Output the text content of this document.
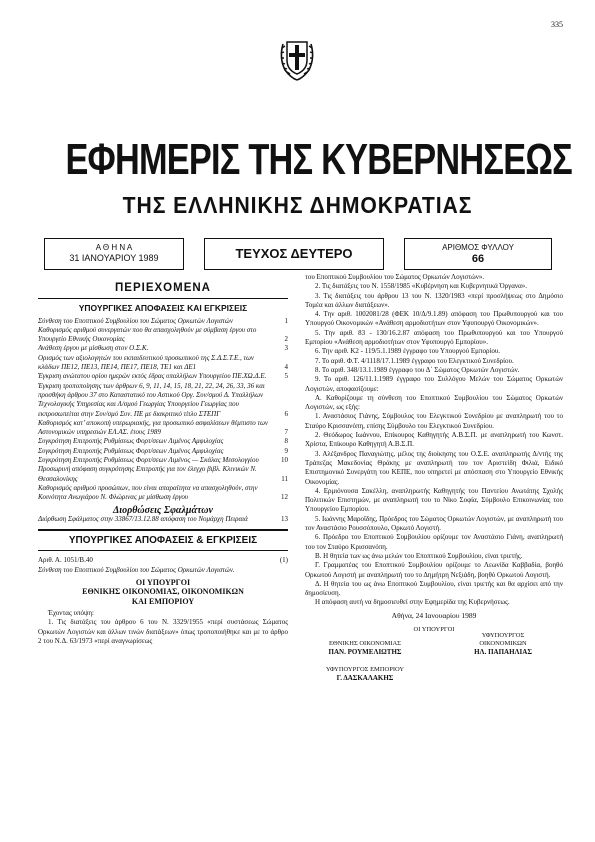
335
ΕΦΗΜΕΡΙΣ ΤΗΣ ΚΥΒΕΡΝΗΣΕΩΣ
ΤΗΣ ΕΛΛΗΝΙΚΗΣ ΔΗΜΟΚΡΑΤΙΑΣ
Α Θ Η Ν Α
31 ΙΑΝΟΥΑΡΙΟΥ 1989	ΤΕΥΧΟΣ ΔΕΥΤΕΡΟ	ΑΡΙΘΜΟΣ ΦΥΛΛΟΥ
66
ΠΕΡΙΕΧΟΜΕΝΑ
ΥΠΟΥΡΓΙΚΕΣ ΑΠΟΦΑΣΕΙΣ ΚΑΙ ΕΓΚΡΙΣΕΙΣ
Σύνθεση του Εποπτικού Συμβουλίου του Σώματος Ορκωτών Λογιστών	1
Καθορισμός αριθμού συνεργατών που θα απασχοληθούν με σύμβαση έργου στο Υπουργείο Εθνικής Οικονομίας	2
Ανάθεση έργου με μίσθωση στον Ο.Σ.Κ.	3
Ορισμός των αξιολογητών του εκπαιδευτικού προσωπικού της Σ.Δ.Σ.Τ.Ε., των κλάδων ΠΕ12, ΠΕ13, ΠΕ14, ΠΕ17, ΠΕ18, ΤΕ1 και ΔΕ1	4
Έγκριση ανώτατου ορίου ημερών εκτός έδρας υπαλλήλων Υπουργείου ΠΕ.ΧΩ.Δ.Ε.	5
Έγκριση τροποποίησης των άρθρων 6, 9, 11, 14, 15, 18, 21, 22, 24, 26, 33, 36 και προσθήκη άρθρου 37 στο Καταστατικό του Αστικού Οργ. Συν/σμού Δ. Υπαλλήλων Τεχνολογικής Υπηρεσίας και Λ/σμού Γεωργίας Υπουργείου Γεωργίας που εκπροσωπείται στην Συν/σμό Συν. ΠΕ με διακριτικό τίτλο ΣΤΕΠΓ	6
Καθορισμός κατ’ αποκοπή υπερωριακής, για προσωπικό ασφαλίσεων θέμπιστο των Αστυνομικών υπηρεσιών ΕΛ.ΑΣ. έτους 1989	7
Συγκρότηση Επιτροπής Ρυθμίσεως Φορτ/σεων Λιμένος Αμφιλοχίας	8
Συγκρότηση Επιτροπής Ρυθμίσεως Φορτ/σεων Λιμένος Αμφιλοχίας	9
Συγκρότηση Επιτροπής Ρυθμίσεως Φορτ/σεων Λιμένος — Σκάλας Μεσολογγίου	10
Προσωρινή απόφαση συγκρότησης Επιτροπής για τον έλεγχο βιβλ. Κλινικών Ν. Θεσσαλονίκης	11
Καθορισμός αριθμού προσώπων, που είναι απαραίτητα να απασχοληθούν, στην Κοινότητα Ανωγιάρου Ν. Φλώρινας με μίσθωση έργου	12
Διορθώσεις Σφαλμάτων
Διόρθωση Σφάλματος στην 33867/13.12.88 απόφαση του Νομάρχη Πειραιά	13
ΥΠΟΥΡΓΙΚΕΣ ΑΠΟΦΑΣΕΙΣ & ΕΓΚΡΙΣΕΙΣ
Αριθ. Α. 1051/Β.40	(1)
Σύνθεση του Εποπτικού Συμβουλίου του Σώματος Ορκωτών Λογιστών.
ΟΙ ΥΠΟΥΡΓΟΙ
ΕΘΝΙΚΗΣ ΟΙΚΟΝΟΜΙΑΣ, ΟΙΚΟΝΟΜΙΚΩΝ
ΚΑΙ ΕΜΠΟΡΙΟΥ
Έχοντας υπόψη:
1. Τις διατάξεις του άρθρου 6 του Ν. 3329/1955 «περί συστάσεως Σώματος Ορκωτών Λογιστών και άλλων τινών διατάξεων» όπως τροποποιήθηκε και με το άρθρο 2 του Ν.Δ. 63/1973 «περί αναγνωρίσεως
του Εποπτικού Συμβουλίου του Σώματος Ορκωτών Λογιστών».
2. Τις διατάξεις του Ν. 1558/1985 «Κυβέρνηση και Κυβερνητικά Όργανα».
3. Τις διατάξεις του άρθρου 13 του Ν. 1320/1983 «περί προσλήψεως στο Δημόσιο Τομέα και άλλων διατάξεων».
4. Την αριθ. 1002081/28 (ΦΕΚ 10/Δ/9.1.89) απόφαση του Πρωθυπουργού και του Υπουργού Οικονομικών «Ανάθεση αρμοδιοτήτων στον Υφυπουργό Οικονομικών».
5. Την αριθ. 83 - 130/16.2.87 απόφαση του Πρωθυπουργού και του Υπουργού Εμπορίου «Ανάθεση αρμοδιοτήτων στον Υφυπουργό Εμπορίου».
6. Την αριθ. Κ2 - 119/5.1.1989 έγγραφο του Υπουργού Εμπορίου.
7. Το αριθ. Φ.Τ. 4/1118/17.1.1989 έγγραφο του Ελεγκτικού Συνεδρίου.
8. Το αριθ. 348/13.1.1989 έγγραφο του Δ΄ Σώματος Ορκωτών Λογιστών.
9. Το αριθ. 126/11.1.1989 έγγραφο του Συλλόγου Μελών του Σώματος Ορκωτών Λογιστών, αποφασίζουμε:
Α. Καθορίζουμε τη σύνθεση του Εποπτικού Συμβουλίου του Σώματος Ορκωτών Λογιστών, ως εξής:
1. Αναστάσιος Γιάνης, Σύμβουλος του Ελεγκτικού Συνεδρίου με αναπληρωτή του το Σταύρο Κρισσανόπη, επίσης Σύμβουλο του Ελεγκτικού Συνεδρίου.
2. Θεόδωρος Ιωάννου, Επίκουρος Καθηγητής Α.Β.Σ.Π. με αναπληρωτή του Κωνστ. Χρίστα, Επίκουρο Καθηγητή Α.Β.Σ.Π.
3. Αλέξανδρος Παναγιώτης, μέλος της διοίκησης του Ο.Σ.Ε. αναπληρωτής Δ/ντής της Τράπεζας Μακεδονίας Θράκης με αναπληρωτή του τον Αριστείδη Φιλιά, Ειδικό Επιστημονικό Συνεργάτη του ΚΕΠΕ, που υπηρετεί με απόσπαση στο Υπουργείο Εθνικής Οικονομίας.
4. Ερμιόνουσα Σακέλλη, αναπληρωτής Καθηγητής του Παντείου Ανωτάτης Σχολής Πολιτικών Επιστημών, με αναπληρωτή του το Νίκο Σοφία, Σύμβουλο Επικοινωνίας του Υπουργείου Εμπορίου.
5. Ιωάννης Μαροΐδης, Πρόεδρος του Σώματος Ορκωτών Λογιστών, με αναπληρωτή του τον Αναστάσιο Ρουσσόπουλο, Ορκωτό Λογιστή.
6. Πρόεδρο του Εποπτικού Συμβουλίου ορίζουμε τον Αναστάσιο Γιάνη, αναπληρωτή του τον Σταύρο Κρισσανόπη.
Β. Η θητεία των ως άνω μελών του Εποπτικού Συμβουλίου, είναι τριετής.
Γ. Γραμματέας του Εποπτικού Συμβουλίου ορίζουμε το Λεωνίδα Καββαδία, βοηθό Ορκωτού Λογιστή με αναπληρωτή του το Δημήτρη Νεξιάδη, βοηθό Ορκωτού Λογιστή.
Δ. Η θητεία του ως άνω Εποπτικού Συμβουλίου, είναι τριετής και θα αρχίσει από την δημοσίευση.
Η απόφαση αυτή να δημοσιευθεί στην Εφημερίδα της Κυβερνήσεως.
Αθήνα, 24 Ιανουαρίου 1989
ΟΙ ΥΠΟΥΡΓΟΙ
ΕΘΝΙΚΗΣ ΟΙΚΟΝΟΜΙΑΣ
ΠΑΝ. ΡΟΥΜΕΛΙΩΤΗΣ
ΥΦΥΠΟΥΡΓΟΣ
ΟΙΚΟΝΟΜΙΚΩΝ
ΗΛ. ΠΑΠΑΗΛΙΑΣ
ΥΦΥΠΟΥΡΓΟΣ ΕΜΠΟΡΙΟΥ
Γ. ΔΑΣΚΑΛΑΚΗΣ
